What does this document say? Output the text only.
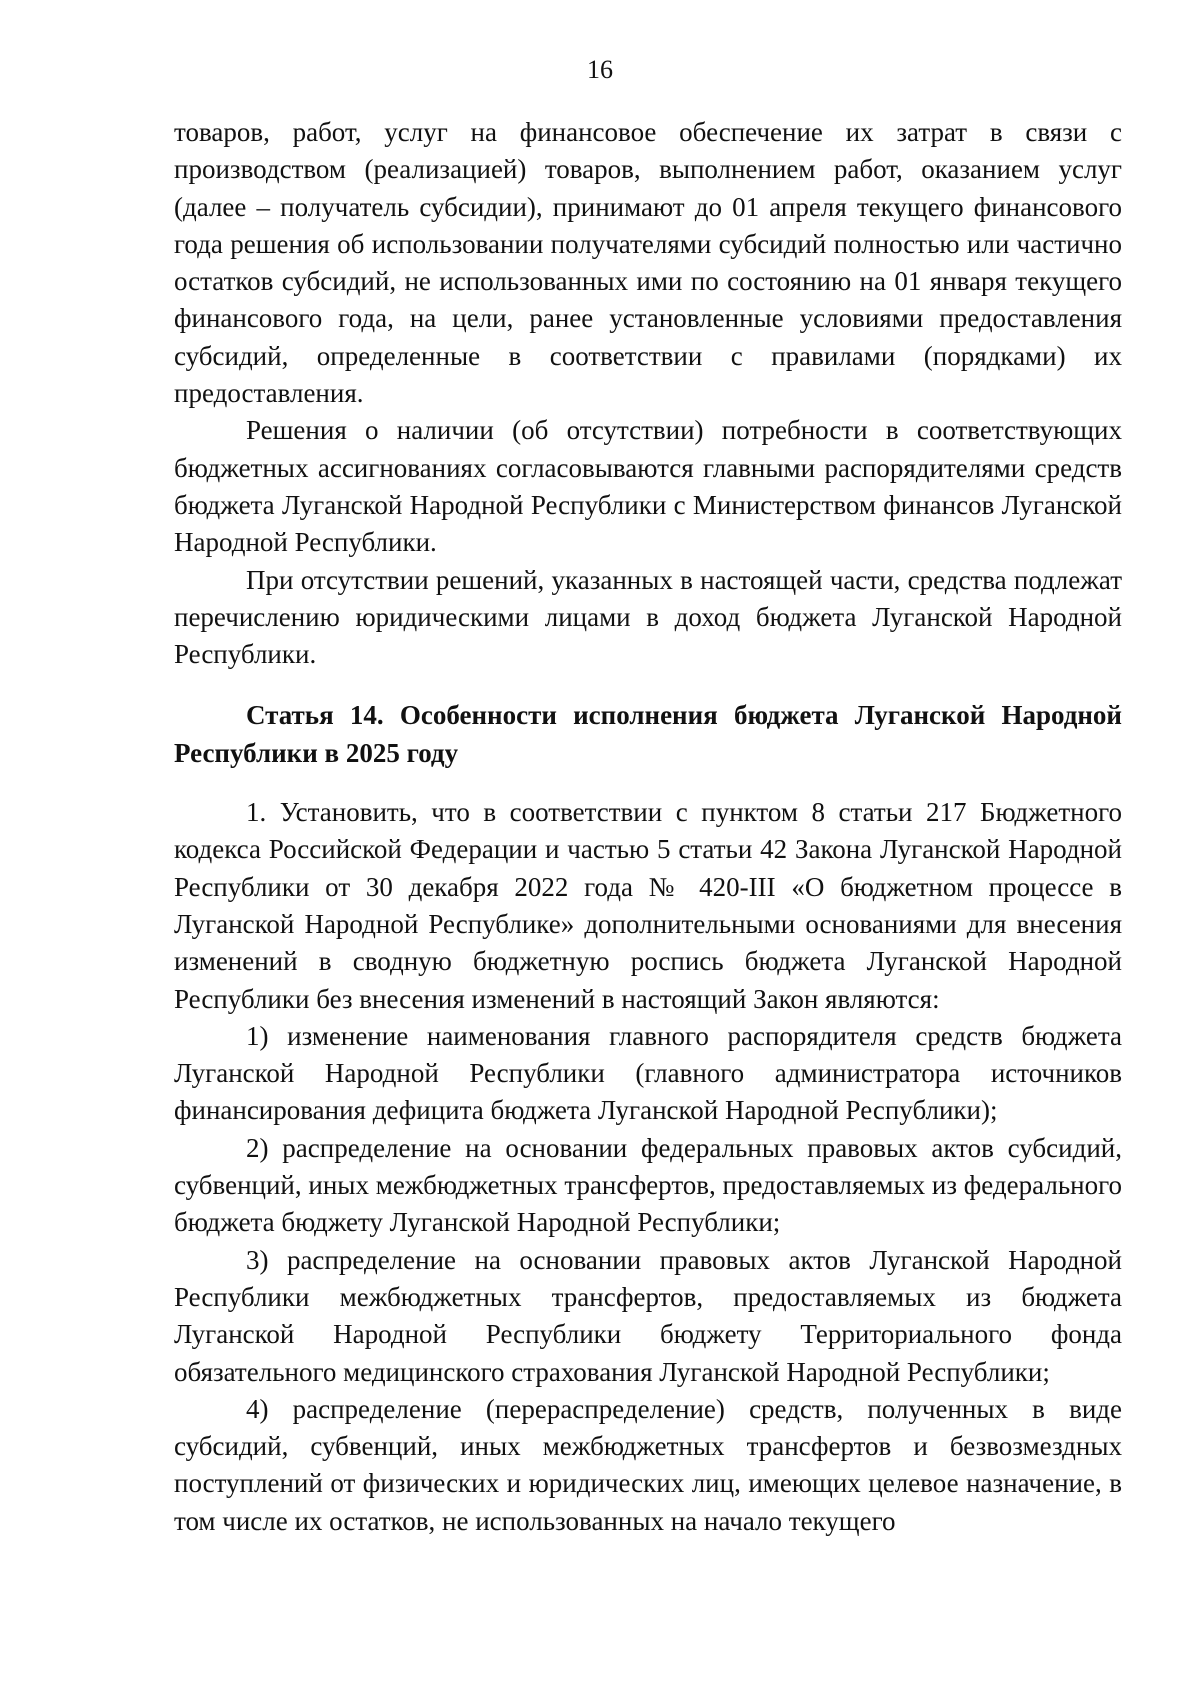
16

товаров, работ, услуг на финансовое обеспечение их затрат в связи с производством (реализацией) товаров, выполнением работ, оказанием услуг (далее – получатель субсидии), принимают до 01 апреля текущего финансового года решения об использовании получателями субсидий полностью или частично остатков субсидий, не использованных ими по состоянию на 01 января текущего финансового года, на цели, ранее установленные условиями предоставления субсидий, определенные в соответствии с правилами (порядками) их предоставления.

Решения о наличии (об отсутствии) потребности в соответствующих бюджетных ассигнованиях согласовываются главными распорядителями средств бюджета Луганской Народной Республики с Министерством финансов Луганской Народной Республики.

При отсутствии решений, указанных в настоящей части, средства подлежат перечислению юридическими лицами в доход бюджета Луганской Народной Республики.

Статья 14. Особенности исполнения бюджета Луганской Народной Республики в 2025 году

1. Установить, что в соответствии с пунктом 8 статьи 217 Бюджетного кодекса Российской Федерации и частью 5 статьи 42 Закона Луганской Народной Республики от 30 декабря 2022 года № 420-III «О бюджетном процессе в Луганской Народной Республике» дополнительными основаниями для внесения изменений в сводную бюджетную роспись бюджета Луганской Народной Республики без внесения изменений в настоящий Закон являются:

1) изменение наименования главного распорядителя средств бюджета Луганской Народной Республики (главного администратора источников финансирования дефицита бюджета Луганской Народной Республики);

2) распределение на основании федеральных правовых актов субсидий, субвенций, иных межбюджетных трансфертов, предоставляемых из федерального бюджета бюджету Луганской Народной Республики;

3) распределение на основании правовых актов Луганской Народной Республики межбюджетных трансфертов, предоставляемых из бюджета Луганской Народной Республики бюджету Территориального фонда обязательного медицинского страхования Луганской Народной Республики;

4) распределение (перераспределение) средств, полученных в виде субсидий, субвенций, иных межбюджетных трансфертов и безвозмездных поступлений от физических и юридических лиц, имеющих целевое назначение, в том числе их остатков, не использованных на начало текущего
